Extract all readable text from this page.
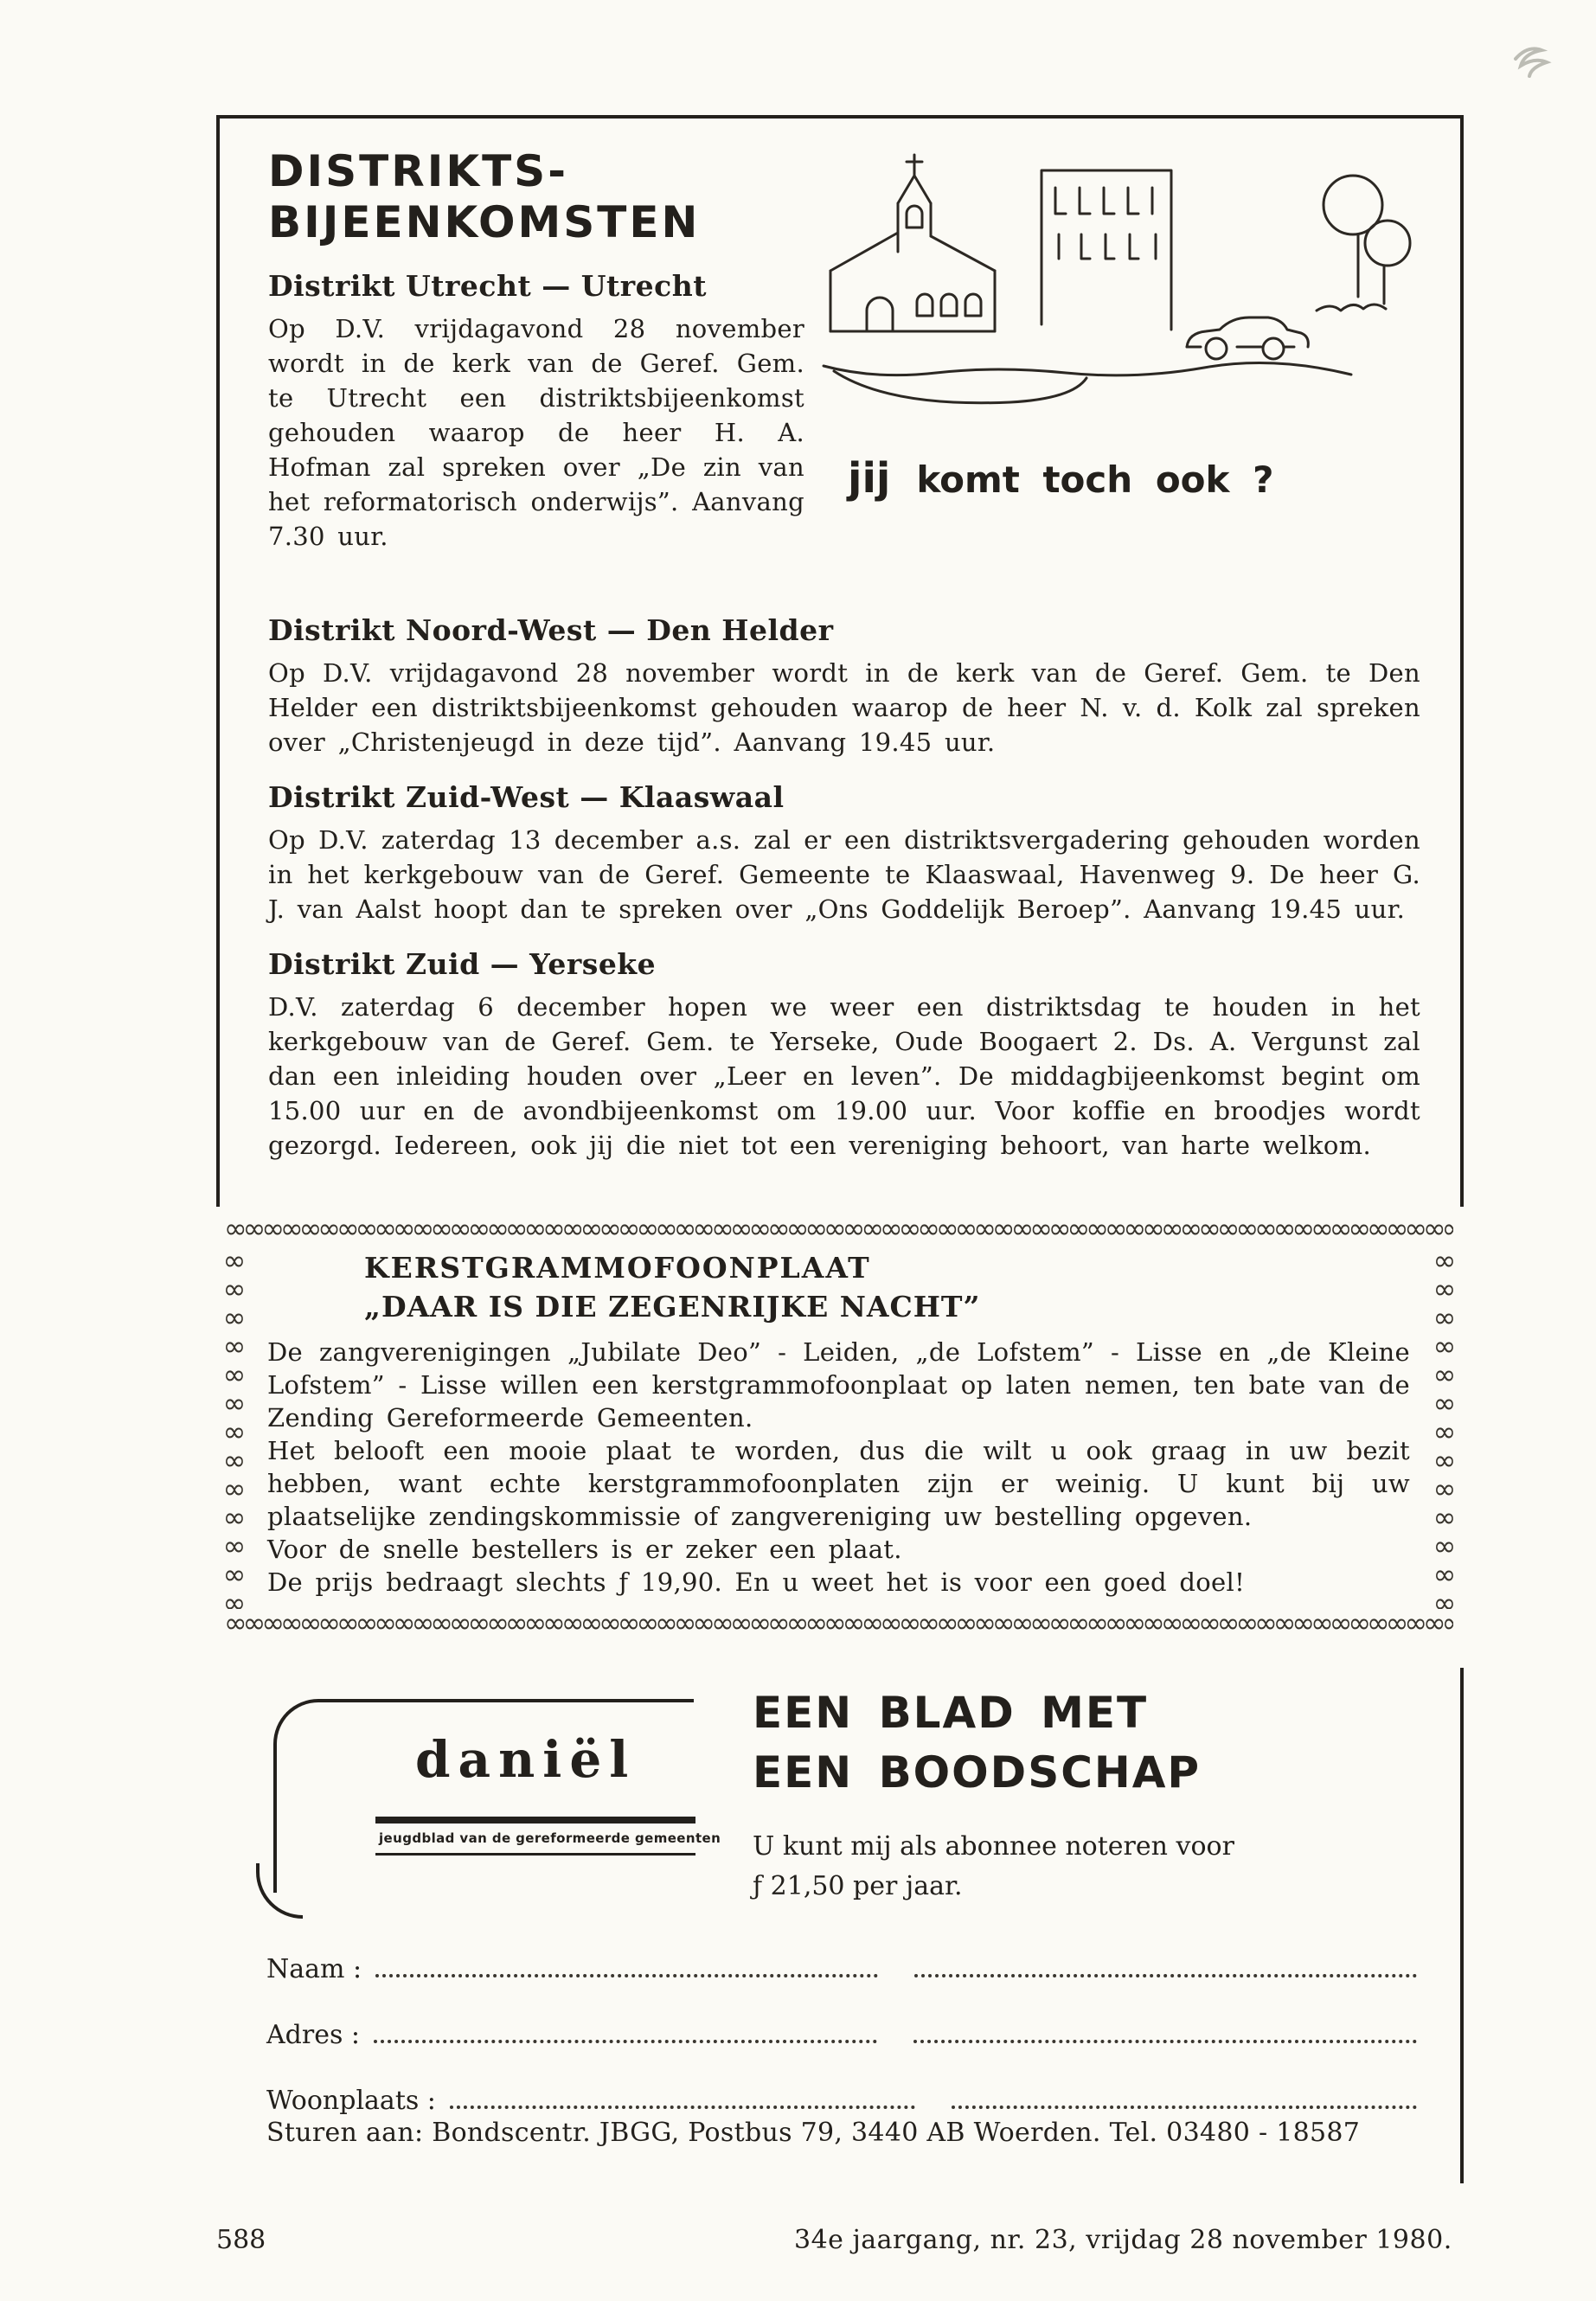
DISTRIKTS-
BIJEENKOMSTEN
Distrikt Utrecht — Utrecht

Op D.V. vrijdagavond 28 november wordt in de kerk van de Geref. Gem. te Utrecht een distriktsbijeenkomst gehouden waarop de heer H. A. Hofman zal spreken over „De zin van het reformatorisch onderwijs”. Aanvang 7.30 uur.

jij komt toch ook ?
Distrikt Noord-West — Den Helder

Op D.V. vrijdagavond 28 november wordt in de kerk van de Geref. Gem. te Den Helder een distriktsbijeenkomst gehouden waarop de heer N. v. d. Kolk zal spreken over „Christenjeugd in deze tijd”. Aanvang 19.45 uur.

Distrikt Zuid-West — Klaaswaal

Op D.V. zaterdag 13 december a.s. zal er een distriktsvergadering gehouden worden in het kerkgebouw van de Geref. Gemeente te Klaaswaal, Havenweg 9. De heer G. J. van Aalst hoopt dan te spreken over „Ons Goddelijk Beroep”. Aanvang 19.45 uur.

Distrikt Zuid — Yerseke

D.V. zaterdag 6 december hopen we weer een distriktsdag te houden in het kerkgebouw van de Geref. Gem. te Yerseke, Oude Boogaert 2. Ds. A. Vergunst zal dan een inleiding houden over „Leer en leven”. De middagbijeenkomst begint om 15.00 uur en de avondbijeenkomst om 19.00 uur. Voor koffie en broodjes wordt gezorgd. Iedereen, ook jij die niet tot een vereniging behoort, van harte welkom.

∞∞∞∞∞∞∞∞∞∞∞∞∞∞∞∞∞∞∞∞∞∞∞∞∞∞∞∞∞∞∞∞∞∞∞∞∞∞∞∞∞∞∞∞∞∞∞∞∞∞∞∞∞∞∞∞∞∞∞∞∞∞∞∞∞∞∞∞∞∞∞∞∞∞∞∞∞∞∞∞∞∞∞∞∞∞∞∞∞∞∞∞∞∞∞∞∞∞∞∞∞∞∞∞∞∞∞∞∞∞
∞∞∞∞∞∞∞∞∞∞∞∞∞∞∞∞∞∞∞∞∞∞∞∞∞∞∞∞∞∞∞∞∞∞∞∞∞∞∞∞∞∞∞∞∞∞∞∞∞∞∞∞∞∞∞∞∞∞∞∞∞∞∞∞∞∞∞∞∞∞∞∞∞∞∞∞∞∞∞∞∞∞∞∞∞∞∞∞∞∞∞∞∞∞∞∞∞∞∞∞∞∞∞∞∞∞∞∞∞∞
∞∞∞∞∞∞∞∞∞∞∞∞∞∞∞∞∞∞∞∞∞∞∞∞∞∞∞∞∞∞∞∞∞∞∞∞∞∞∞∞∞∞∞∞∞∞∞∞∞∞
∞∞∞∞∞∞∞∞∞∞∞∞∞∞∞∞∞∞∞∞∞∞∞∞∞∞∞∞∞∞∞∞∞∞∞∞∞∞∞∞∞∞∞∞∞∞∞∞∞∞
KERSTGRAMMOFOONPLAAT
„DAAR IS DIE ZEGENRIJKE NACHT”

De zangverenigingen „Jubilate Deo” - Leiden, „de Lofstem” - Lisse en „de Kleine Lofstem” - Lisse willen een kerstgrammofoonplaat op laten nemen, ten bate van de Zending Gereformeerde Gemeenten.

Het belooft een mooie plaat te worden, dus die wilt u ook graag in uw bezit hebben, want echte kerstgrammofoonplaten zijn er weinig. U kunt bij uw plaatselijke zendingskommissie of zangvereniging uw bestelling opgeven.

Voor de snelle bestellers is er zeker een plaat.

De prijs bedraagt slechts ƒ 19,90. En u weet het is voor een goed doel!

daniël
jeugdblad van de gereformeerde gemeenten
EEN BLAD MET
EEN BOODSCHAP
U kunt mij als abonnee noteren voor
ƒ 21,50 per jaar.
Naam :
Adres :
Woonplaats :
Sturen aan: Bondscentr. JBGG, Postbus 79, 3440 AB Woerden. Tel. 03480 - 18587
588	34e jaargang, nr. 23, vrijdag 28 november 1980.
